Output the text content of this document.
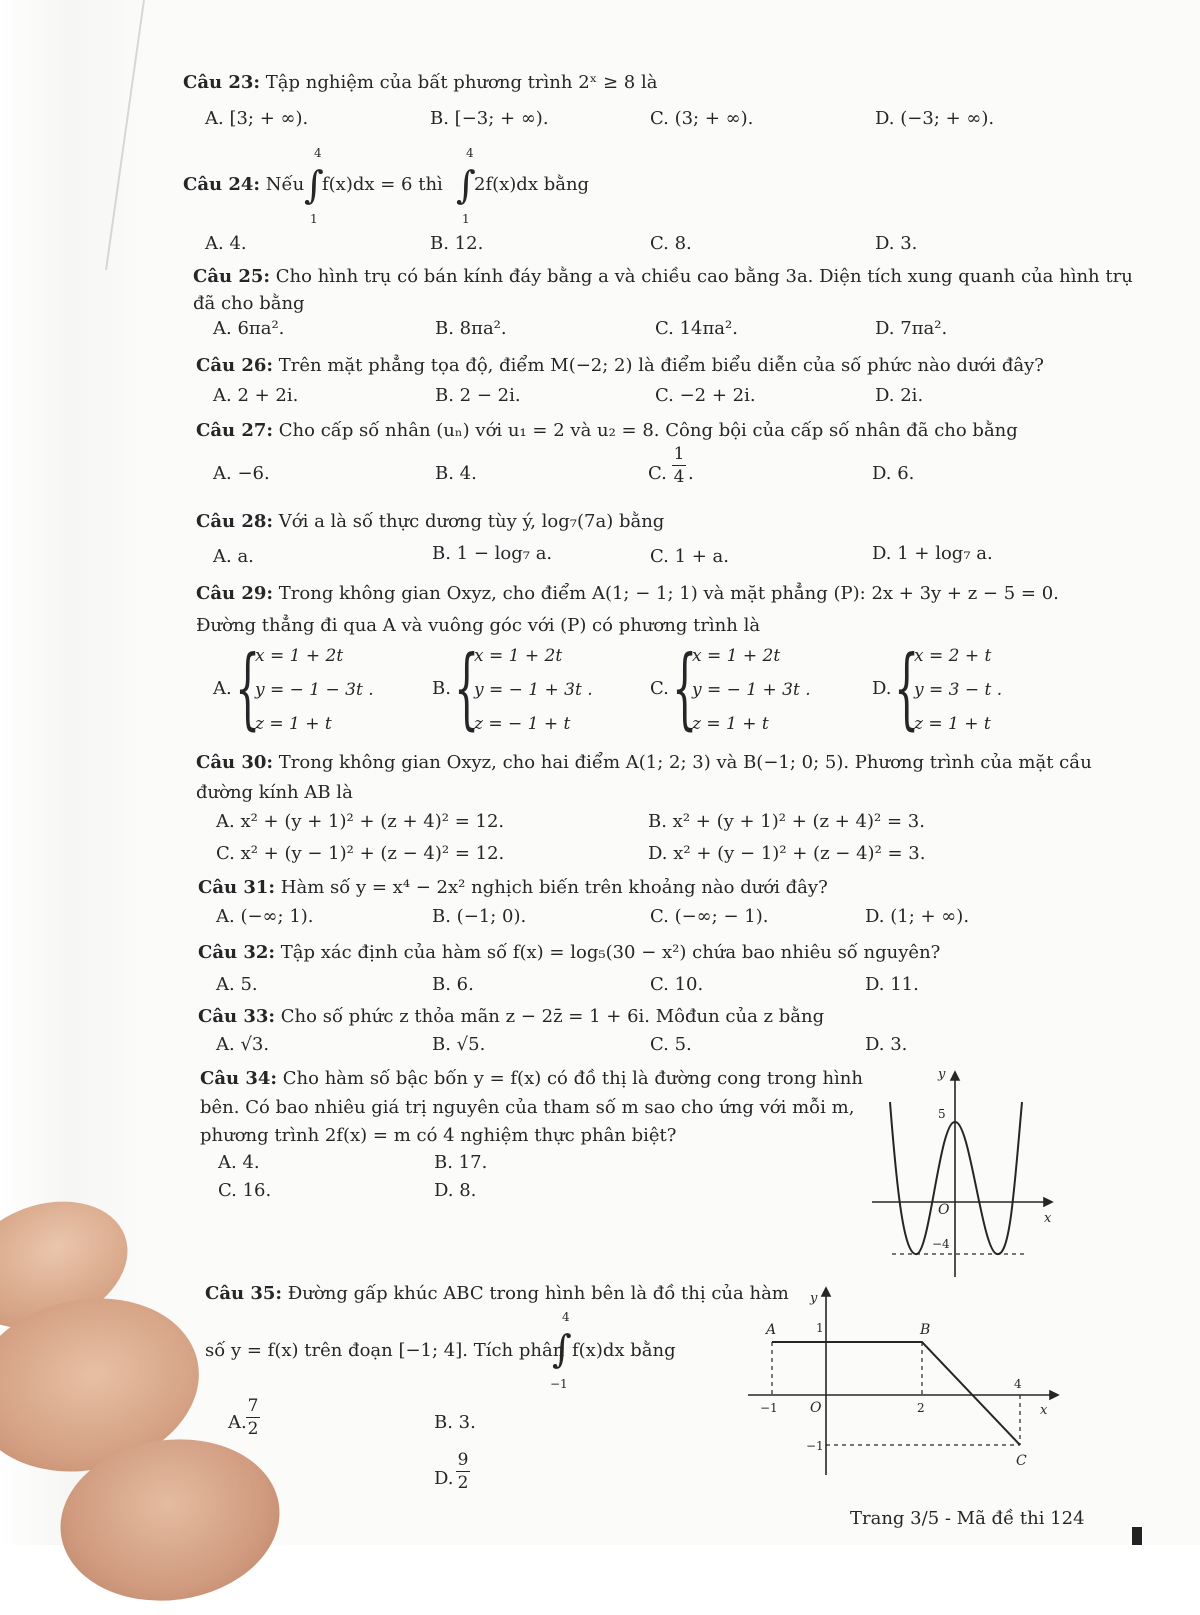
Câu 23: Tập nghiệm của bất phương trình 2ˣ ≥ 8 là
A. [3; + ∞).	B. [−3; + ∞).	C. (3; + ∞).	D. (−3; + ∞).
Câu 24: Nếu ∫
4
1
f(x)dx = 6 thì ∫
4
1
2f(x)dx bằng
A. 4.	B. 12.	C. 8.	D. 3.
Câu 25: Cho hình trụ có bán kính đáy bằng a và chiều cao bằng 3a. Diện tích xung quanh của hình trụ
đã cho bằng
A. 6πa².	B. 8πa².	C. 14πa².	D. 7πa².
Câu 26: Trên mặt phẳng tọa độ, điểm M(−2; 2) là điểm biểu diễn của số phức nào dưới đây?
A. 2 + 2i.	B. 2 − 2i.	C. −2 + 2i.	D. 2i.
Câu 27: Cho cấp số nhân (uₙ) với u₁ = 2 và u₂ = 8. Công bội của cấp số nhân đã cho bằng
A. −6.	B. 4.	C.
1
4 .	D. 6.
Câu 28: Với a là số thực dương tùy ý, log₇(7a) bằng
A. a.	B. 1 − log₇ a.	C. 1 + a.	D. 1 + log₇ a.
Câu 29: Trong không gian Oxyz, cho điểm A(1; − 1; 1) và mặt phẳng (P): 2x + 3y + z − 5 = 0.
Đường thẳng đi qua A và vuông góc với (P) có phương trình là
A. {
x = 1 + 2t
y = − 1 − 3t .
z = 1 + t
B. {
x = 1 + 2t
y = − 1 + 3t .
z = − 1 + t
C. {
x = 1 + 2t
y = − 1 + 3t .
z = 1 + t
D. {
x = 2 + t
y = 3 − t .
z = 1 + t
Câu 30: Trong không gian Oxyz, cho hai điểm A(1; 2; 3) và B(−1; 0; 5). Phương trình của mặt cầu
đường kính AB là
A. x² + (y + 1)² + (z + 4)² = 12.	B. x² + (y + 1)² + (z + 4)² = 3.
C. x² + (y − 1)² + (z − 4)² = 12.	D. x² + (y − 1)² + (z − 4)² = 3.
Câu 31: Hàm số y = x⁴ − 2x² nghịch biến trên khoảng nào dưới đây?
A. (−∞; 1).	B. (−1; 0).	C. (−∞; − 1).	D. (1; + ∞).
Câu 32: Tập xác định của hàm số f(x) = log₅(30 − x²) chứa bao nhiêu số nguyên?
A. 5.	B. 6.	C. 10.	D. 11.
Câu 33: Cho số phức z thỏa mãn z − 2z̄ = 1 + 6i. Môđun của z bằng
A. √3.	B. √5.	C. 5.	D. 3.
Câu 34: Cho hàm số bậc bốn y = f(x) có đồ thị là đường cong trong hình
bên. Có bao nhiêu giá trị nguyên của tham số m sao cho ứng với mỗi m,
phương trình 2f(x) = m có 4 nghiệm thực phân biệt?
A. 4.	B. 17.
C. 16.	D. 8.
y
x
O
5
−4
Câu 35: Đường gấp khúc ABC trong hình bên là đồ thị của hàm
số y = f(x) trên đoạn [−1; 4]. Tích phân
∫
4
−1
f(x)dx bằng
A.
7
2	B. 3.
D.
9
2
y
x
O
A	B
C
1
−1
−1	2
4
Trang 3/5 - Mã đề thi 124
